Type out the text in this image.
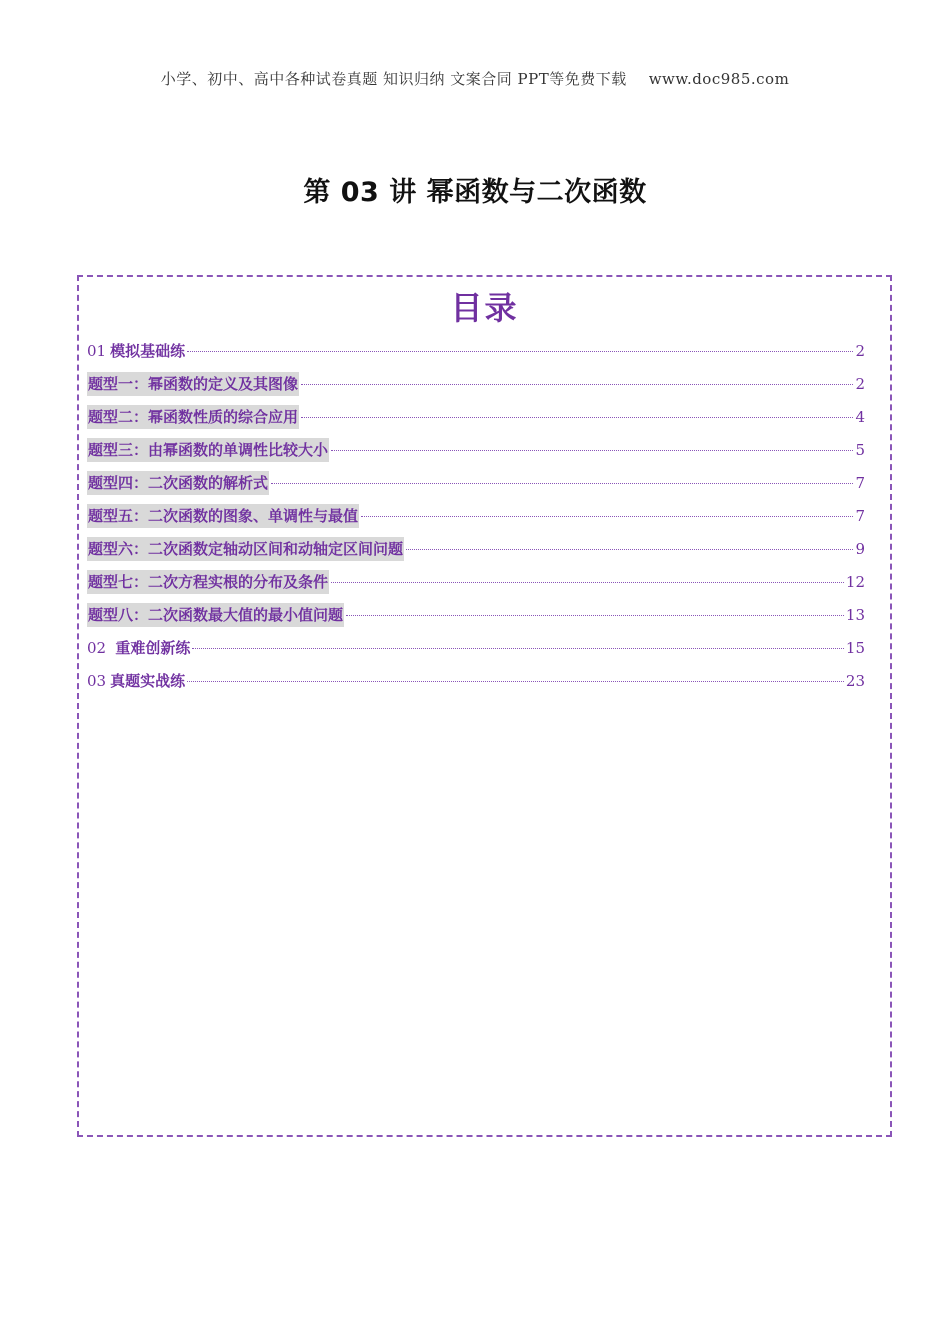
小学、初中、高中各种试卷真题 知识归纳 文案合同 PPT等免费下载 www.doc985.com
第 03 讲 幂函数与二次函数
目录
01 模拟基础练	2
题型一：幂函数的定义及其图像	2
题型二：幂函数性质的综合应用	4
题型三：由幂函数的单调性比较大小	5
题型四：二次函数的解析式	7
题型五：二次函数的图象、单调性与最值	7
题型六：二次函数定轴动区间和动轴定区间问题	9
题型七：二次方程实根的分布及条件	12
题型八：二次函数最大值的最小值问题	13
02 重难创新练	15
03 真题实战练	23
